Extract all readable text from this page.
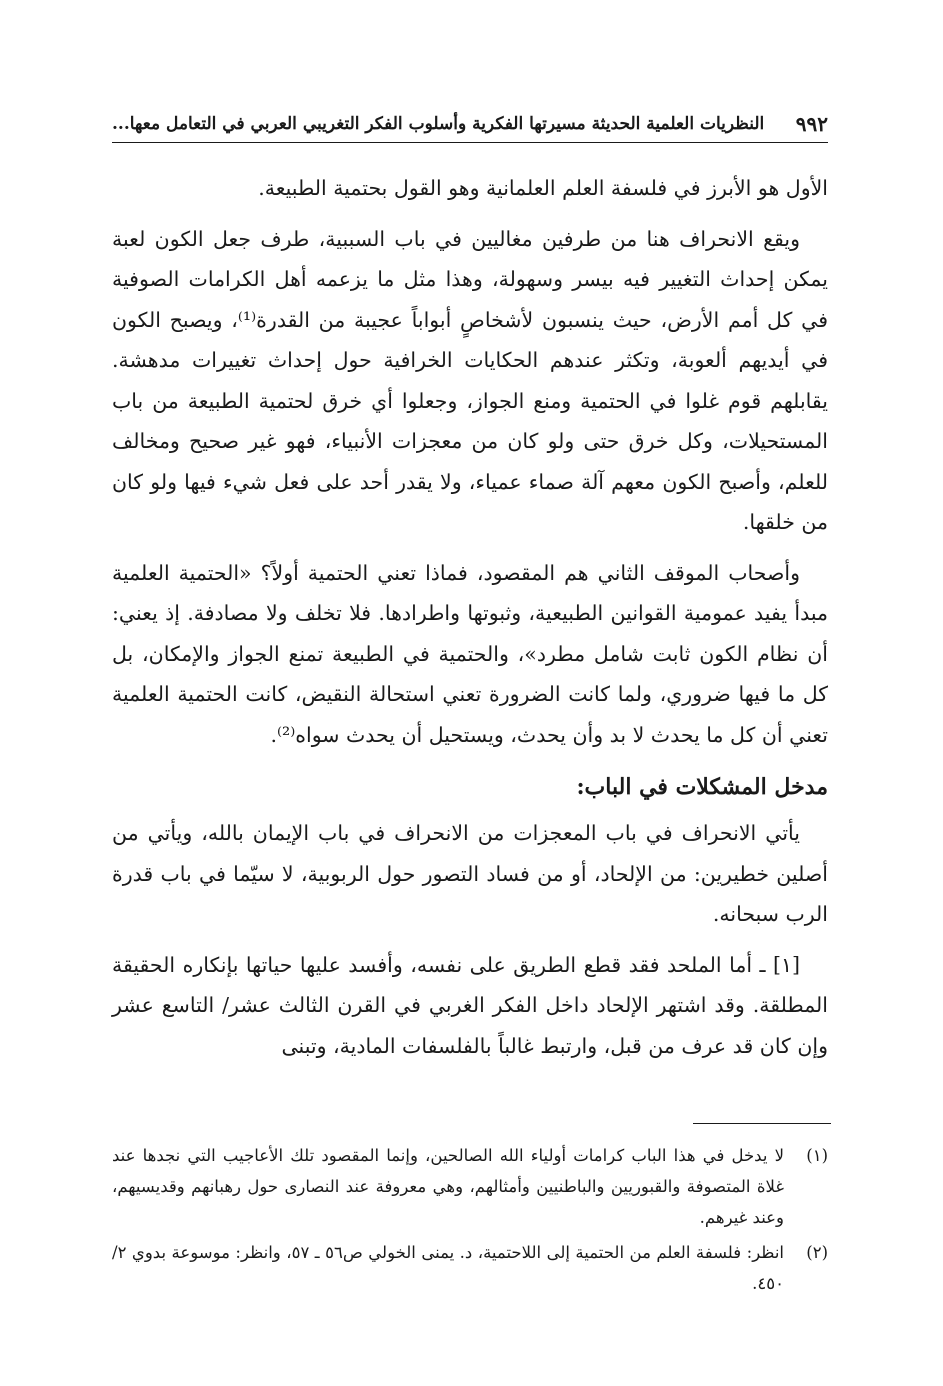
٩٩٢
النظريات العلمية الحديثة مسيرتها الفكرية وأسلوب الفكر التغريبي العربي في التعامل معها...

الأول هو الأبرز في فلسفة العلم العلمانية وهو القول بحتمية الطبيعة.

ويقع الانحراف هنا من طرفين مغاليين في باب السببية، طرف جعل الكون لعبة يمكن إحداث التغيير فيه بيسر وسهولة، وهذا مثل ما يزعمه أهل الكرامات الصوفية في كل أمم الأرض، حيث ينسبون لأشخاصٍ أبواباً عجيبة من القدرة⁽¹⁾، ويصبح الكون في أيديهم ألعوبة، وتكثر عندهم الحكايات الخرافية حول إحداث تغييرات مدهشة. يقابلهم قوم غلوا في الحتمية ومنع الجواز، وجعلوا أي خرق لحتمية الطبيعة من باب المستحيلات، وكل خرق حتى ولو كان من معجزات الأنبياء، فهو غير صحيح ومخالف للعلم، وأصبح الكون معهم آلة صماء عمياء، ولا يقدر أحد على فعل شيء فيها ولو كان من خلقها.

وأصحاب الموقف الثاني هم المقصود، فماذا تعني الحتمية أولاً؟ «الحتمية العلمية مبدأ يفيد عمومية القوانين الطبيعية، وثبوتها واطرادها. فلا تخلف ولا مصادفة. إذ يعني: أن نظام الكون ثابت شامل مطرد»، والحتمية في الطبيعة تمنع الجواز والإمكان، بل كل ما فيها ضروري، ولما كانت الضرورة تعني استحالة النقيض، كانت الحتمية العلمية تعني أن كل ما يحدث لا بد وأن يحدث، ويستحيل أن يحدث سواه⁽²⁾.

مدخل المشكلات في الباب:

يأتي الانحراف في باب المعجزات من الانحراف في باب الإيمان بالله، ويأتي من أصلين خطيرين: من الإلحاد، أو من فساد التصور حول الربوبية، لا سيّما في باب قدرة الرب سبحانه.

[١] ـ أما الملحد فقد قطع الطريق على نفسه، وأفسد عليها حياتها بإنكاره الحقيقة المطلقة. وقد اشتهر الإلحاد داخل الفكر الغربي في القرن الثالث عشر/ التاسع عشر وإن كان قد عرف من قبل، وارتبط غالباً بالفلسفات المادية، وتبنى

(١)
لا يدخل في هذا الباب كرامات أولياء الله الصالحين، وإنما المقصود تلك الأعاجيب التي نجدها عند غلاة المتصوفة والقبوريين والباطنيين وأمثالهم، وهي معروفة عند النصارى حول رهبانهم وقديسيهم، وعند غيرهم.
(٢)
انظر: فلسفة العلم من الحتمية إلى اللاحتمية، د. يمنى الخولي ص٥٦ ـ ٥٧، وانظر: موسوعة بدوي ٢/ ٤٥٠.
